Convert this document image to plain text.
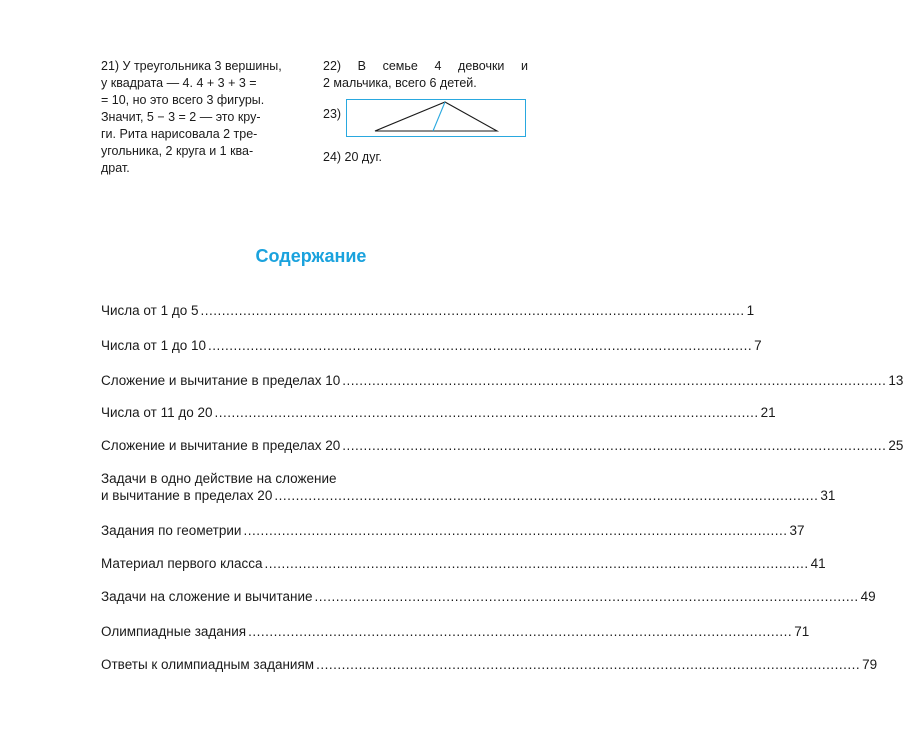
21) У треугольника 3 вершины,

у квадрата — 4. 4 + 3 + 3 =

= 10, но это всего 3 фигуры.

Значит, 5 − 3 = 2 — это кру-

ги. Рита нарисовала 2 тре-

угольника, 2 круга и 1 ква-

драт.

22) В семье 4 девочки и
2 мальчика, всего 6 детей.
23)
24) 20 дуг.
Содержание
Числа от 1 до 5 ................................................................................................................................ 1
Числа от 1 до 10 ................................................................................................................................ 7
Сложение и вычитание в пределах 10 ................................................................................................................................ 13
Числа от 11 до 20 ................................................................................................................................ 21
Сложение и вычитание в пределах 20 ................................................................................................................................ 25
Задачи в одно действие на сложение
и вычитание в пределах 20 ................................................................................................................................ 31
Задания по геометрии ................................................................................................................................ 37
Материал первого класса ................................................................................................................................ 41
Задачи на сложение и вычитание ................................................................................................................................ 49
Олимпиадные задания ................................................................................................................................ 71
Ответы к олимпиадным заданиям ................................................................................................................................ 79
